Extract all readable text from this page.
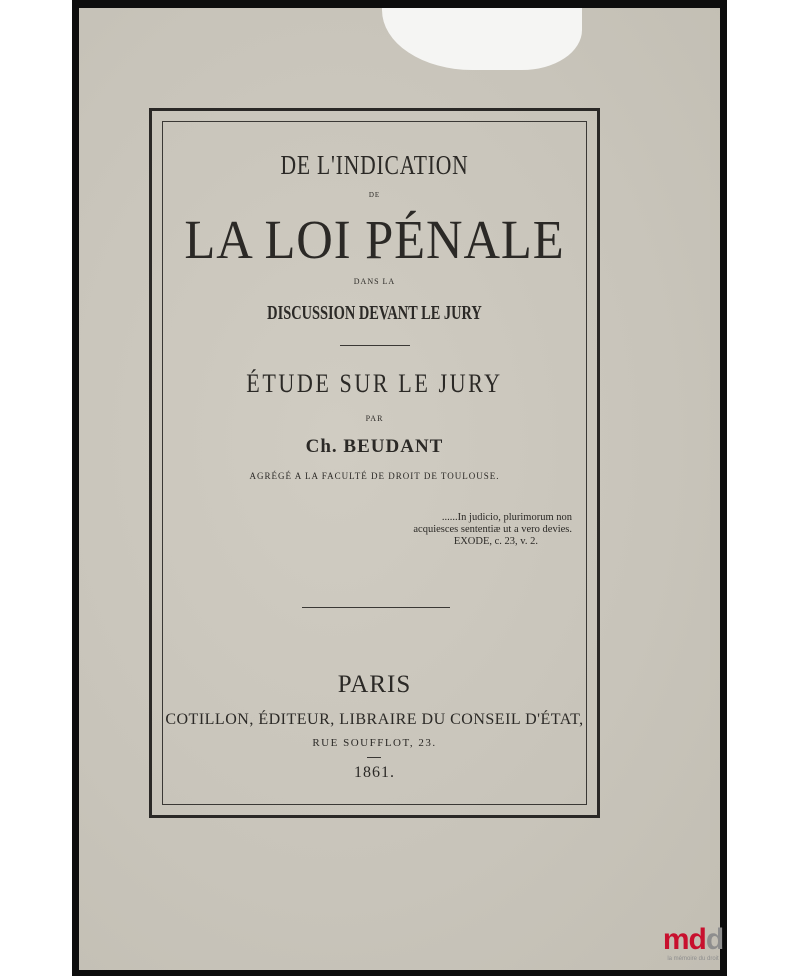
DE L'INDICATION
DE
LA LOI PÉNALE
DANS LA
DISCUSSION DEVANT LE JURY
ÉTUDE SUR LE JURY
PAR
Ch. BEUDANT
AGRÉGÉ A LA FACULTÉ DE DROIT DE TOULOUSE.
......In judicio, plurimorum non
acquiesces sententiæ ut a vero devies.
EXODE, c. 23, v. 2.
PARIS
COTILLON, ÉDITEUR, LIBRAIRE DU CONSEIL D'ÉTAT,
RUE SOUFFLOT, 23.
1861.
mdd
la mémoire du droit
